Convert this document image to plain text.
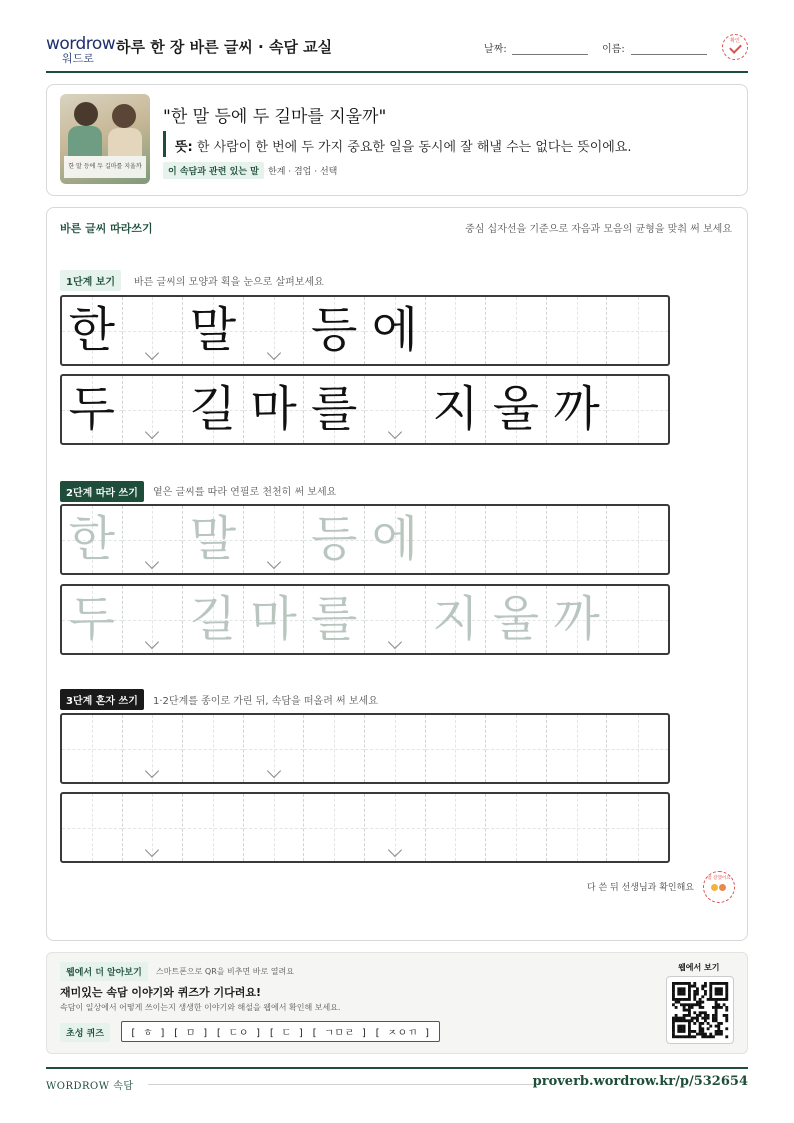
wordrow
워드로
하루 한 장 바른 글씨 · 속담 교실	날짜:	이름:
확인
한 말 등에 두 길마를 지울까
"한 말 등에 두 길마를 지울까"
뜻: 한 사람이 한 번에 두 가지 중요한 일을 동시에 잘 해낼 수는 없다는 뜻이에요.
이 속담과 관련 있는 말	한계 · 겸업 · 선택
바른 글씨 따라쓰기	중심 십자선을 기준으로 자음과 모음의 균형을 맞춰 써 보세요
1단계 보기	바른 글씨의 모양과 획을 눈으로 살펴보세요
한 말 등 에
두 길 마 를 지 울 까
2단계 따라 쓰기	옅은 글씨를 따라 연필로 천천히 써 보세요
한 말 등 에
두 길 마 를 지 울 까
3단계 혼자 쓰기	1·2단계를 종이로 가린 뒤, 속담을 떠올려 써 보세요
다 쓴 뒤 선생님과 확인해요
참 잘했어요
웹에서 더 알아보기	스마트폰으로 QR을 비추면 바로 열려요
재미있는 속담 이야기와 퀴즈가 기다려요!
속담이 일상에서 어떻게 쓰이는지 생생한 이야기와 해설을 웹에서 확인해 보세요.
초성 퀴즈	[ ㅎ ] [ ㅁ ] [ ㄷㅇ ] [ ㄷ ] [ ㄱㅁㄹ ] [ ㅈㅇㄲ ]
웹에서 보기
WORDROW 속담	proverb.wordrow.kr/p/532654
